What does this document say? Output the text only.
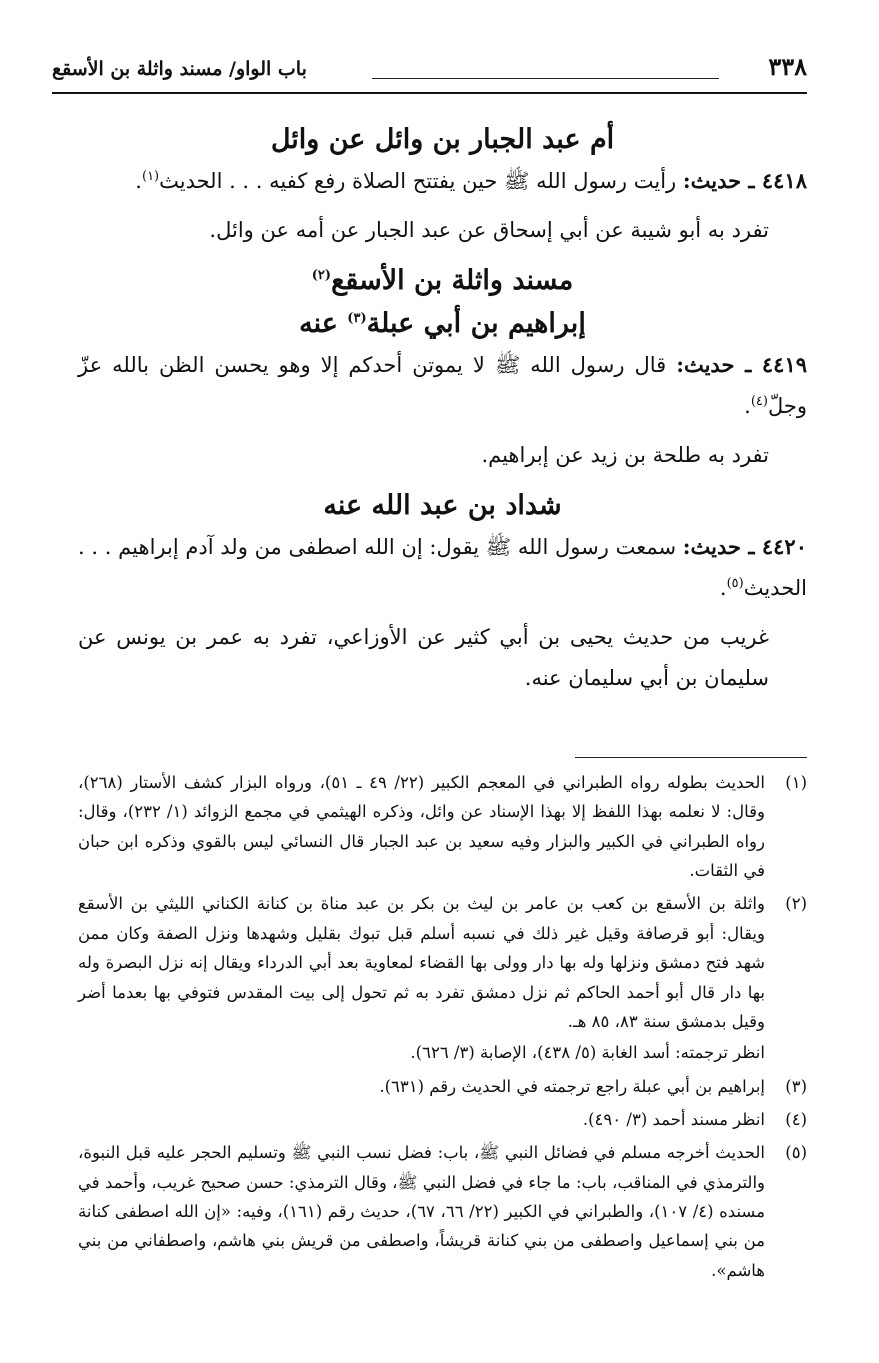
٣٣٨
باب الواو/ مسند واثلة بن الأسقع
أم عبد الجبار بن وائل عن وائل

٤٤١٨ ـ حديث: رأيت رسول الله ﷺ حين يفتتح الصلاة رفع كفيه . . . الحديث$^{(١)}$.

تفرد به أبو شيبة عن أبي إسحاق عن عبد الجبار عن أمه عن وائل.

مسند واثلة بن الأسقع$^{(٢)}$
إبراهيم بن أبي عبلة$^{(٣)}$ عنه

٤٤١٩ ـ حديث: قال رسول الله ﷺ لا يموتن أحدكم إلا وهو يحسن الظن بالله عزّ وجلّ$^{(٤)}$.

تفرد به طلحة بن زيد عن إبراهيم.

شداد بن عبد الله عنه

٤٤٢٠ ـ حديث: سمعت رسول الله ﷺ يقول: إن الله اصطفى من ولد آدم إبراهيم . . . الحديث$^{(٥)}$.

غريب من حديث يحيى بن أبي كثير عن الأوزاعي، تفرد به عمر بن يونس عن سليمان بن أبي سليمان عنه.

(١)
الحديث بطوله رواه الطبراني في المعجم الكبير (٢٢/ ٤٩ ـ ٥١)، ورواه البزار كشف الأستار (٢٦٨)، وقال: لا نعلمه بهذا اللفظ إلا بهذا الإسناد عن وائل، وذكره الهيثمي في مجمع الزوائد (١/ ٢٣٢)، وقال: رواه الطبراني في الكبير والبزار وفيه سعيد بن عبد الجبار قال النسائي ليس بالقوي وذكره ابن حبان في الثقات.
(٢)
واثلة بن الأسقع بن كعب بن عامر بن ليث بن بكر بن عبد مناة بن كنانة الكناني الليثي بن الأسقع ويقال: أبو قرصافة وقيل غير ذلك في نسبه أسلم قبل تبوك بقليل وشهدها ونزل الصفة وكان ممن شهد فتح دمشق ونزلها وله بها دار وولى بها القضاء لمعاوية بعد أبي الدرداء ويقال إنه نزل البصرة وله بها دار قال أبو أحمد الحاكم ثم نزل دمشق تفرد به ثم تحول إلى بيت المقدس فتوفي بها بعدما أضر وقيل بدمشق سنة ٨٣، ٨٥ هـ.
انظر ترجمته: أسد الغابة (٥/ ٤٣٨)، الإصابة (٣/ ٦٢٦).
(٣)
إبراهيم بن أبي عبلة راجع ترجمته في الحديث رقم (٦٣١).
(٤)
انظر مسند أحمد (٣/ ٤٩٠).
(٥)
الحديث أخرجه مسلم في فضائل النبي ﷺ، باب: فضل نسب النبي ﷺ وتسليم الحجر عليه قبل النبوة، والترمذي في المناقب، باب: ما جاء في فضل النبي ﷺ، وقال الترمذي: حسن صحيح غريب، وأحمد في مسنده (٤/ ١٠٧)، والطبراني في الكبير (٢٢/ ٦٦، ٦٧)، حديث رقم (١٦١)، وفيه: «إن الله اصطفى كنانة من بني إسماعيل واصطفى من بني كنانة قريشاً، واصطفى من قريش بني هاشم، واصطفاني من بني هاشم».
